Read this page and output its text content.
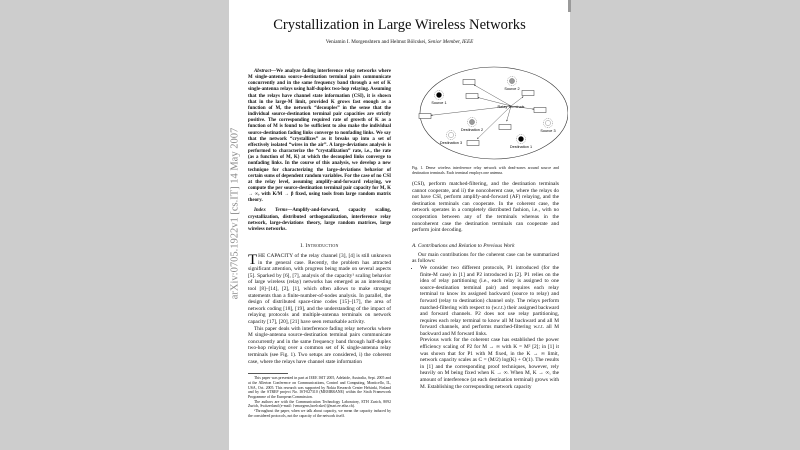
Crystallization in Large Wireless Networks
Veniamin I. Morgenshtern and Helmut Bölcskei, Senior Member, IEEE
arXiv:0705.1922v1 [cs.IT] 14 May 2007

Abstract—We analyze fading interference relay networks where M single-antenna source-destination terminal pairs communicate concurrently and in the same frequency band through a set of K single-antenna relays using half-duplex two-hop relaying. Assuming that the relays have channel state information (CSI), it is shown that in the large-M limit, provided K grows fast enough as a function of M, the network “decouples” in the sense that the individual source-destination terminal pair capacities are strictly positive. The corresponding required rate of growth of K as a function of M is found to be sufficient to also make the individual source-destination fading links converge to nonfading links. We say that the network “crystallizes” as it breaks up into a set of effectively isolated “wires in the air”. A large-deviations analysis is performed to characterize the “crystallization” rate, i.e., the rate (as a function of M, K) at which the decoupled links converge to nonfading links. In the course of this analysis, we develop a new technique for characterizing the large-deviations behavior of certain sums of dependent random variables. For the case of no CSI at the relay level, assuming amplify-and-forward relaying, we compute the per source-destination terminal pair capacity for M, K → ∞, with K/M → β fixed, using tools from large random matrix theory.

Index Terms—Amplify-and-forward, capacity scaling, crystallization, distributed orthogonalization, interference relay network, large-deviations theory, large random matrices, large wireless networks.

I. Introduction

THE CAPACITY of the relay channel [3], [4] is still unknown in the general case. Recently, the problem has attracted significant attention, with progress being made on several aspects [5]. Sparked by [6], [7], analysis of the capacity¹ scaling behavior of large wireless (relay) networks has emerged as an interesting tool [8]–[14], [2], [1], which often allows to make stronger statements than a finite-number-of-nodes analysis. In parallel, the design of distributed space-time codes [15]–[17], the area of network coding [18], [19], and the understanding of the impact of relaying protocols and multiple-antenna terminals on network capacity [17], [20], [21] have seen remarkable activity.

This paper deals with interference fading relay networks where M single-antenna source-destination terminal pairs communicate concurrently and in the same frequency band through half-duplex two-hop relaying over a common set of K single-antenna relay terminals (see Fig. 1). Two setups are considered, i) the coherent case, where the relays have channel state information

This paper was presented in part at IEEE ISIT 2005, Adelaide, Australia, Sept. 2005 and at the Allerton Conference on Communications, Control and Computing, Monticello, IL, USA, Oct. 2005. This research was supported by Nokia Research Center Helsinki, Finland and by the STREP project No. IST-027310 (MEMBRANE) within the Sixth Framework Programme of the European Commission.

The authors are with the Communication Technology Laboratory, ETH Zurich, 8092 Zurich, Switzerland (e-mail: {vmorgens,boelcskei}@nari.ee.ethz.ch).

¹Throughout the paper, when we talk about capacity, we mean the capacity induced by the considered protocols, not the capacity of the network itself.

Source 1
Source 2
Source 3
Destination 1
Destination 2
Destination 3
Relay Terminals
Fig. 1. Dense wireless interference relay network with dead-zones around source and destination terminals. Each terminal employs one antenna.

(CSI), perform matched-filtering, and the destination terminals cannot cooperate, and ii) the noncoherent case, where the relays do not have CSI, perform amplify-and-forward (AF) relaying, and the destination terminals can cooperate. In the coherent case, the network operates in a completely distributed fashion, i.e., with no cooperation between any of the terminals whereas in the noncoherent case the destination terminals can cooperate and perform joint decoding.

A. Contributions and Relation to Previous Work

Our main contributions for the coherent case can be summarized as follows:

• We consider two different protocols, P1 introduced (for the finite-M case) in [1] and P2 introduced in [2]. P1 relies on the idea of relay partitioning (i.e., each relay is assigned to one source-destination terminal pair) and requires each relay terminal to know its assigned backward (source to relay) and forward (relay to destination) channel only. The relays perform matched-filtering with respect to (w.r.t.) their assigned backward and forward channels. P2 does not use relay partitioning, requires each relay terminal to know all M backward and all M forward channels, and performs matched-filtering w.r.t. all M backward and M forward links.
Previous work for the coherent case has established the power efficiency scaling of P2 for M → ∞ with K = M² [2]; in [1] it was shown that for P1 with M fixed, in the K → ∞ limit, network capacity scales as C = (M/2) log(K) + O(1). The results in [1] and the corresponding proof techniques, however, rely heavily on M being fixed when K → ∞. When M, K → ∞, the amount of interference (at each destination terminal) grows with M. Establishing the corresponding network capacity
